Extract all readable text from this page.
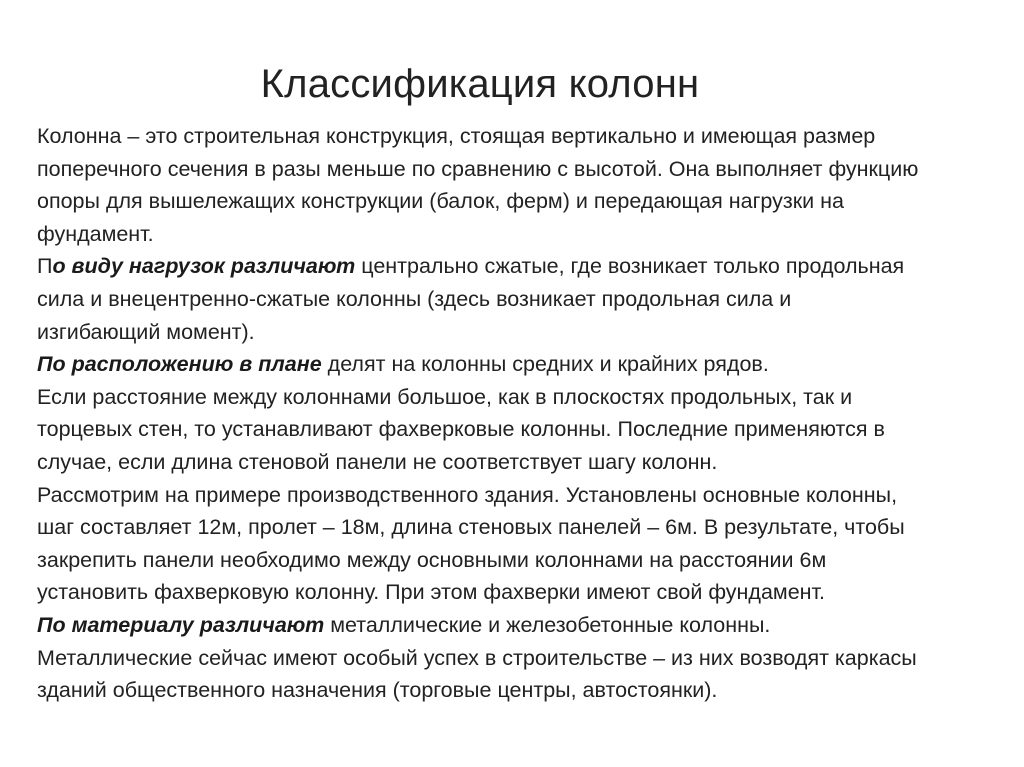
Классификация колонн
Колонна – это строительная конструкция, стоящая вертикально и имеющая размер
поперечного сечения в разы меньше по сравнению с высотой. Она выполняет функцию
опоры для вышележащих конструкции (балок, ферм) и передающая нагрузки на
фундамент.
По виду нагрузок различают центрально сжатые, где возникает только продольная
сила и внецентренно-сжатые колонны (здесь возникает продольная сила и
изгибающий момент).
По расположению в плане делят на колонны средних и крайних рядов.
Если расстояние между колоннами большое, как в плоскостях продольных, так и
торцевых стен, то устанавливают фахверковые колонны. Последние применяются в
случае, если длина стеновой панели не соответствует шагу колонн.
Рассмотрим на примере производственного здания. Установлены основные колонны,
шаг составляет 12м, пролет – 18м, длина стеновых панелей – 6м. В результате, чтобы
закрепить панели необходимо между основными колоннами на расстоянии 6м
установить фахверковую колонну. При этом фахверки имеют свой фундамент.
По материалу различают металлические и железобетонные колонны.
Металлические сейчас имеют особый успех в строительстве – из них возводят каркасы
зданий общественного назначения (торговые центры, автостоянки).
